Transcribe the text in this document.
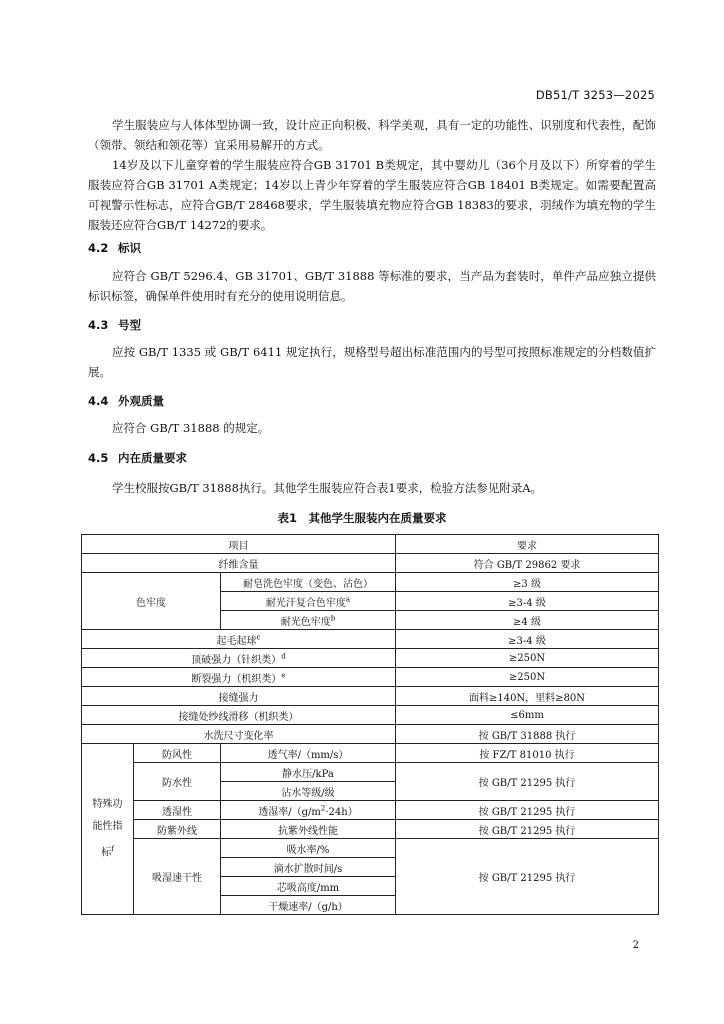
DB51/T 3253—2025

学生服装应与人体体型协调一致，设计应正向积极、科学美观，具有一定的功能性、识别度和代表性，配饰（领带、领结和领花等）宜采用易解开的方式。

14岁及以下儿童穿着的学生服装应符合GB 31701 B类规定，其中婴幼儿（36个月及以下）所穿着的学生服装应符合GB 31701 A类规定；14岁以上青少年穿着的学生服装应符合GB 18401 B类规定。如需要配置高可视警示性标志，应符合GB/T 28468要求，学生服装填充物应符合GB 18383的要求，羽绒作为填充物的学生服装还应符合GB/T 14272的要求。

4.2 标识

应符合 GB/T 5296.4、GB 31701、GB/T 31888 等标准的要求，当产品为套装时，单件产品应独立提供标识标签，确保单件使用时有充分的使用说明信息。

4.3 号型

应按 GB/T 1335 或 GB/T 6411 规定执行，规格型号超出标准范围内的号型可按照标准规定的分档数值扩展。

4.4 外观质量

应符合 GB/T 31888 的规定。

4.5 内在质量要求

学生校服按GB/T 31888执行。其他学生服装应符合表1要求，检验方法参见附录A。

表1　其他学生服装内在质量要求
项目			要求
纤维含量			符合 GB/T 29862 要求
色牢度		耐皂洗色牢度（变色、沾色）	≥3 级
		耐光汗复合色牢度$^a$	≥3-4 级
		耐光色牢度$^b$	≥4 级
起毛起球$^c$			≥3-4 级
顶破强力（针织类）$^d$			≥250N
断裂强力（机织类）$^e$			≥250N
接缝强力			面料≥140N，里料≥80N
接缝处纱线滑移（机织类）			≤6mm
水洗尺寸变化率			按 GB/T 31888 执行
特殊功能性指标$^f$	防风性	透气率/（mm/s）	按 FZ/T 81010 执行
	防水性	静水压/kPa	按 GB/T 21295 执行
		沾水等级/级	
	透湿性	透湿率$/(g/m^2\cdot 24h)$	按 GB/T 21295 执行
	防紫外线	抗紫外线性能	按 GB/T 21295 执行
	吸湿速干性	吸水率/%	按 GB/T 21295 执行
		滴水扩散时间/s	
		芯吸高度/mm	
		干燥速率/（g/h）	
2
